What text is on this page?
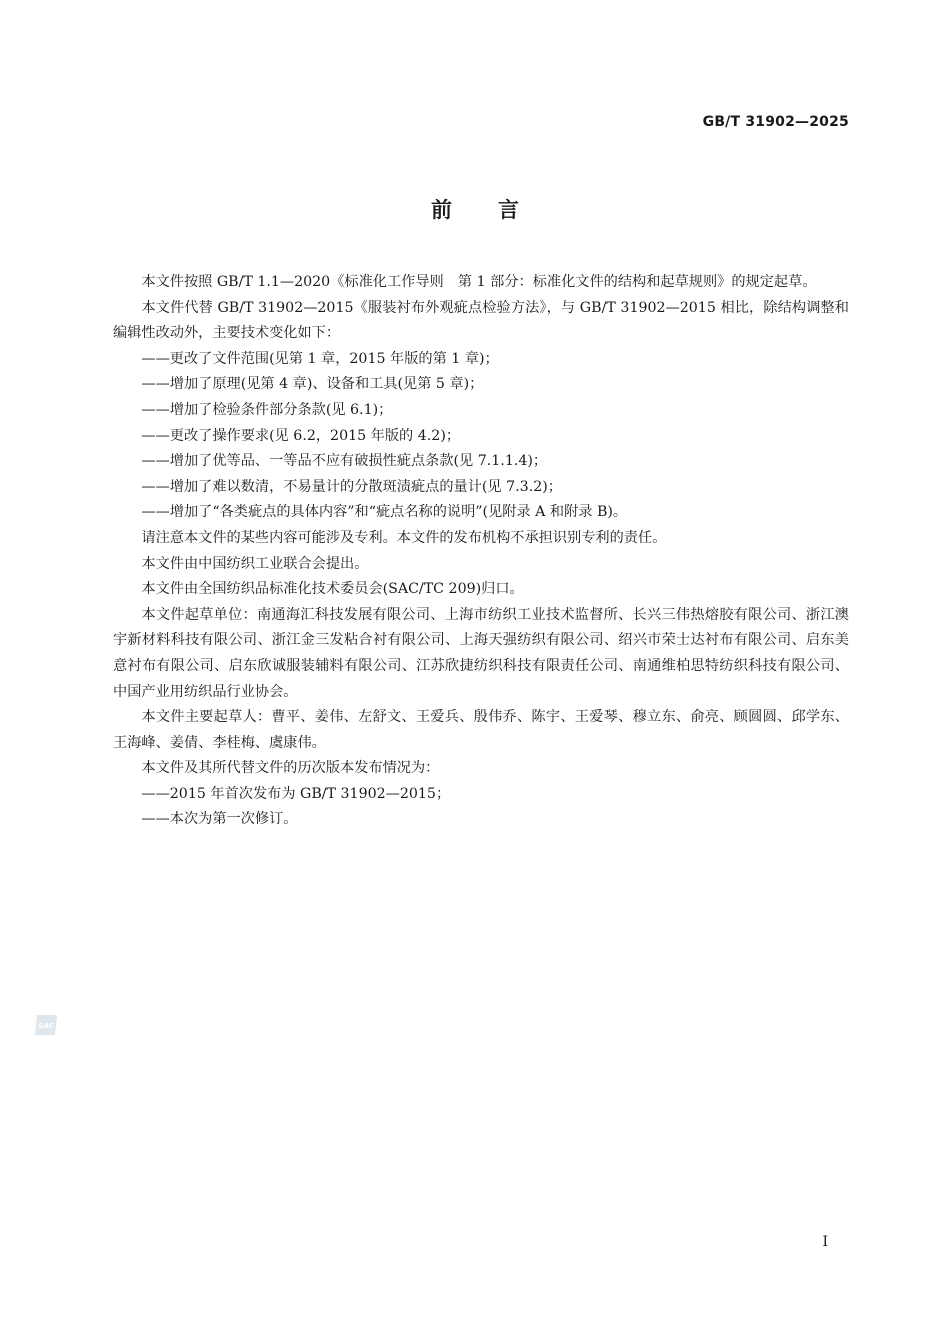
GB/T 31902—2025
前言

本文件按照 GB/T 1.1—2020《标准化工作导则　第 1 部分：标准化文件的结构和起草规则》的规定起草。

本文件代替 GB/T 31902—2015《服装衬布外观疵点检验方法》，与 GB/T 31902—2015 相比，除结构调整和编辑性改动外，主要技术变化如下：

——更改了文件范围(见第 1 章，2015 年版的第 1 章)；

——增加了原理(见第 4 章)、设备和工具(见第 5 章)；

——增加了检验条件部分条款(见 6.1)；

——更改了操作要求(见 6.2，2015 年版的 4.2)；

——增加了优等品、一等品不应有破损性疵点条款(见 7.1.1.4)；

——增加了难以数清，不易量计的分散斑渍疵点的量计(见 7.3.2)；

——增加了“各类疵点的具体内容”和“疵点名称的说明”(见附录 A 和附录 B)。

请注意本文件的某些内容可能涉及专利。本文件的发布机构不承担识别专利的责任。

本文件由中国纺织工业联合会提出。

本文件由全国纺织品标准化技术委员会(SAC/TC 209)归口。

本文件起草单位：南通海汇科技发展有限公司、上海市纺织工业技术监督所、长兴三伟热熔胶有限公司、浙江澳宇新材料科技有限公司、浙江金三发粘合衬有限公司、上海天强纺织有限公司、绍兴市荣士达衬布有限公司、启东美意衬布有限公司、启东欣诚服装辅料有限公司、江苏欣捷纺织科技有限责任公司、南通维柏思特纺织科技有限公司、中国产业用纺织品行业协会。

本文件主要起草人：曹平、姜伟、左舒文、王爱兵、殷伟乔、陈宇、王爱琴、穆立东、俞亮、顾圆圆、邱学东、王海峰、姜倩、李桂梅、虞康伟。

本文件及其所代替文件的历次版本发布情况为：

——2015 年首次发布为 GB/T 31902—2015；

——本次为第一次修订。

SAC
I
